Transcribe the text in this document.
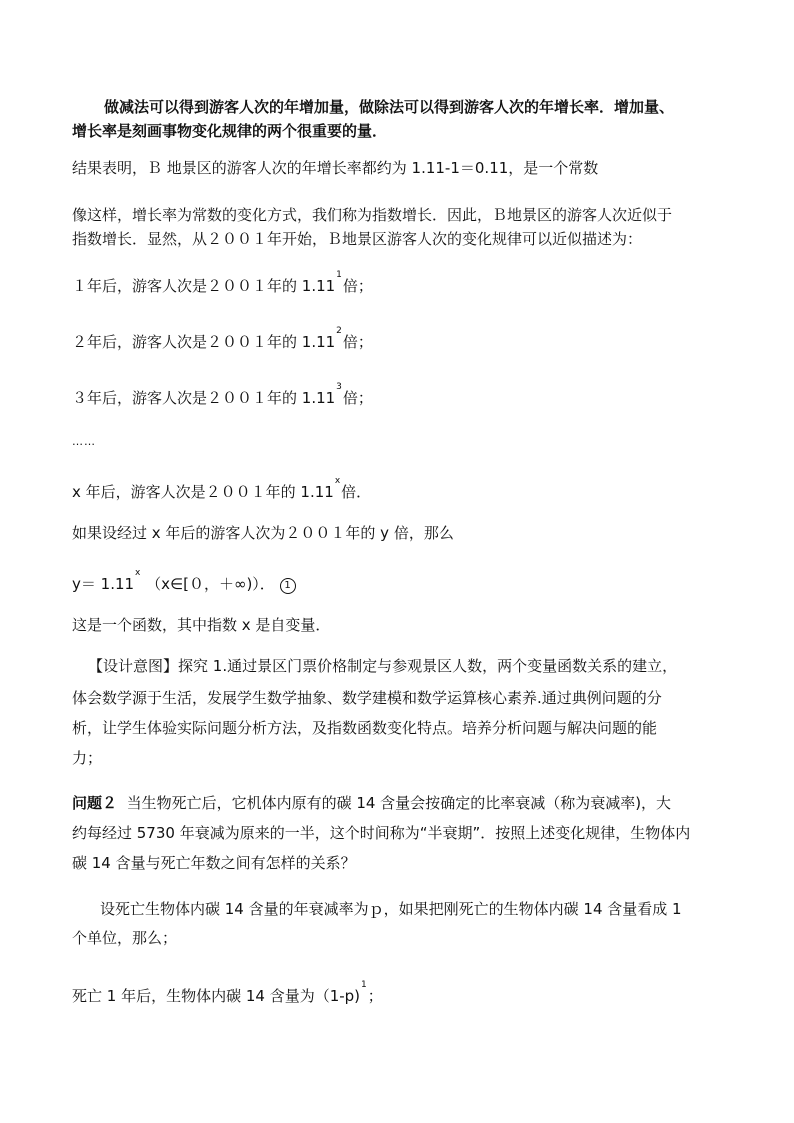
做减法可以得到游客人次的年增加量，做除法可以得到游客人次的年增长率．增加量、
增长率是刻画事物变化规律的两个很重要的量．
结果表明，Ｂ 地景区的游客人次的年增长率都约为 1.11-1＝0.11，是一个常数
像这样，增长率为常数的变化方式，我们称为指数增长．因此，Ｂ地景区的游客人次近似于
指数增长．显然，从２００１年开始，Ｂ地景区游客人次的变化规律可以近似描述为：
１年后，游客人次是２００１年的 1.11$^1$倍；
２年后，游客人次是２００１年的 1.11$^2$倍；
３年后，游客人次是２００１年的 1.11$^3$倍；
……
x 年后，游客人次是２００１年的 1.11$^x$倍．
如果设经过 x 年后的游客人次为２００１年的 y 倍，那么
$y= 1.11^x$ （x∈[０，＋∞)）． 1
这是一个函数，其中指数 x 是自变量．
【设计意图】探究 1.通过景区门票价格制定与参观景区人数，两个变量函数关系的建立，
体会数学源于生活，发展学生数学抽象、数学建模和数学运算核心素养.通过典例问题的分
析，让学生体验实际问题分析方法，及指数函数变化特点。培养分析问题与解决问题的能
力；
问题２ 当生物死亡后，它机体内原有的碳 14 含量会按确定的比率衰减（称为衰减率)，大
约每经过 5730 年衰减为原来的一半，这个时间称为“半衰期”．按照上述变化规律，生物体内
碳 14 含量与死亡年数之间有怎样的关系？
设死亡生物体内碳 14 含量的年衰减率为ｐ，如果把刚死亡的生物体内碳 14 含量看成 1
个单位，那么；
死亡 1 年后，生物体内碳 14 含量为（1-p)$^1$；
